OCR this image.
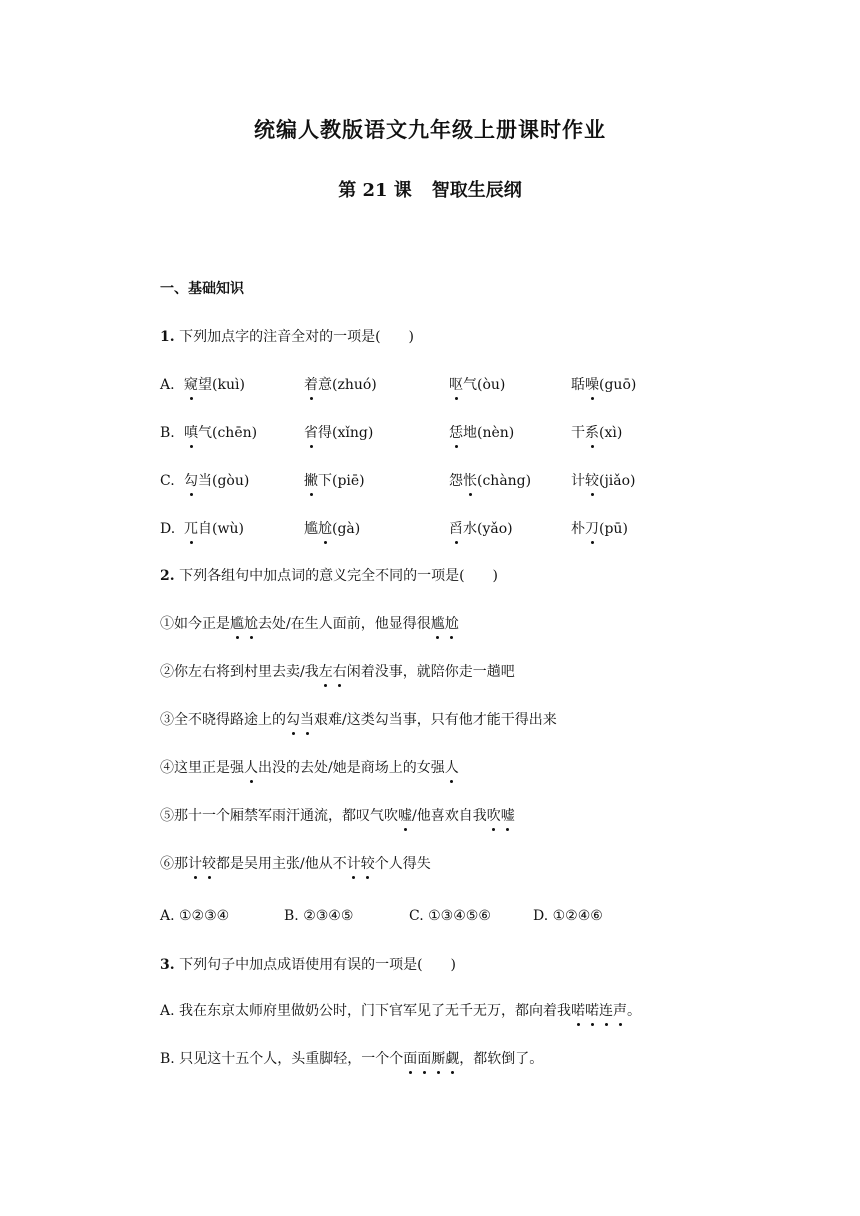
统编人教版语文九年级上册课时作业
第 21 课 智取生辰纲
一、基础知识
1. 下列加点字的注音全对的一项是(　　)
A. 窥望(kuì)	着意(zhuó)	呕气(òu)	聒噪(guō)
B. 嗔气(chēn)	省得(xǐng)	恁地(nèn)	干系(xì)
C. 勾当(gòu)	撇下(piē)	怨怅(chàng)	计较(jiǎo)
D. 兀自(wù)	尴尬(gà)	舀水(yǎo)	朴刀(pū)
2. 下列各组句中加点词的意义完全不同的一项是(　　)
①如今正是尴尬去处/在生人面前，他显得很尴尬
②你左右将到村里去卖/我左右闲着没事，就陪你走一趟吧
③全不晓得路途上的勾当艰难/这类勾当事，只有他才能干得出来
④这里正是强人出没的去处/她是商场上的女强人
⑤那十一个厢禁军雨汗通流，都叹气吹嘘/他喜欢自我吹嘘
⑥那计较都是吴用主张/他从不计较个人得失
A. ①②③④	B. ②③④⑤	C. ①③④⑤⑥	D. ①②④⑥
3. 下列句子中加点成语使用有误的一项是(　　)
A. 我在东京太师府里做奶公时，门下官军见了无千无万，都向着我喏喏连声。
B. 只见这十五个人，头重脚轻，一个个面面厮觑，都软倒了。
